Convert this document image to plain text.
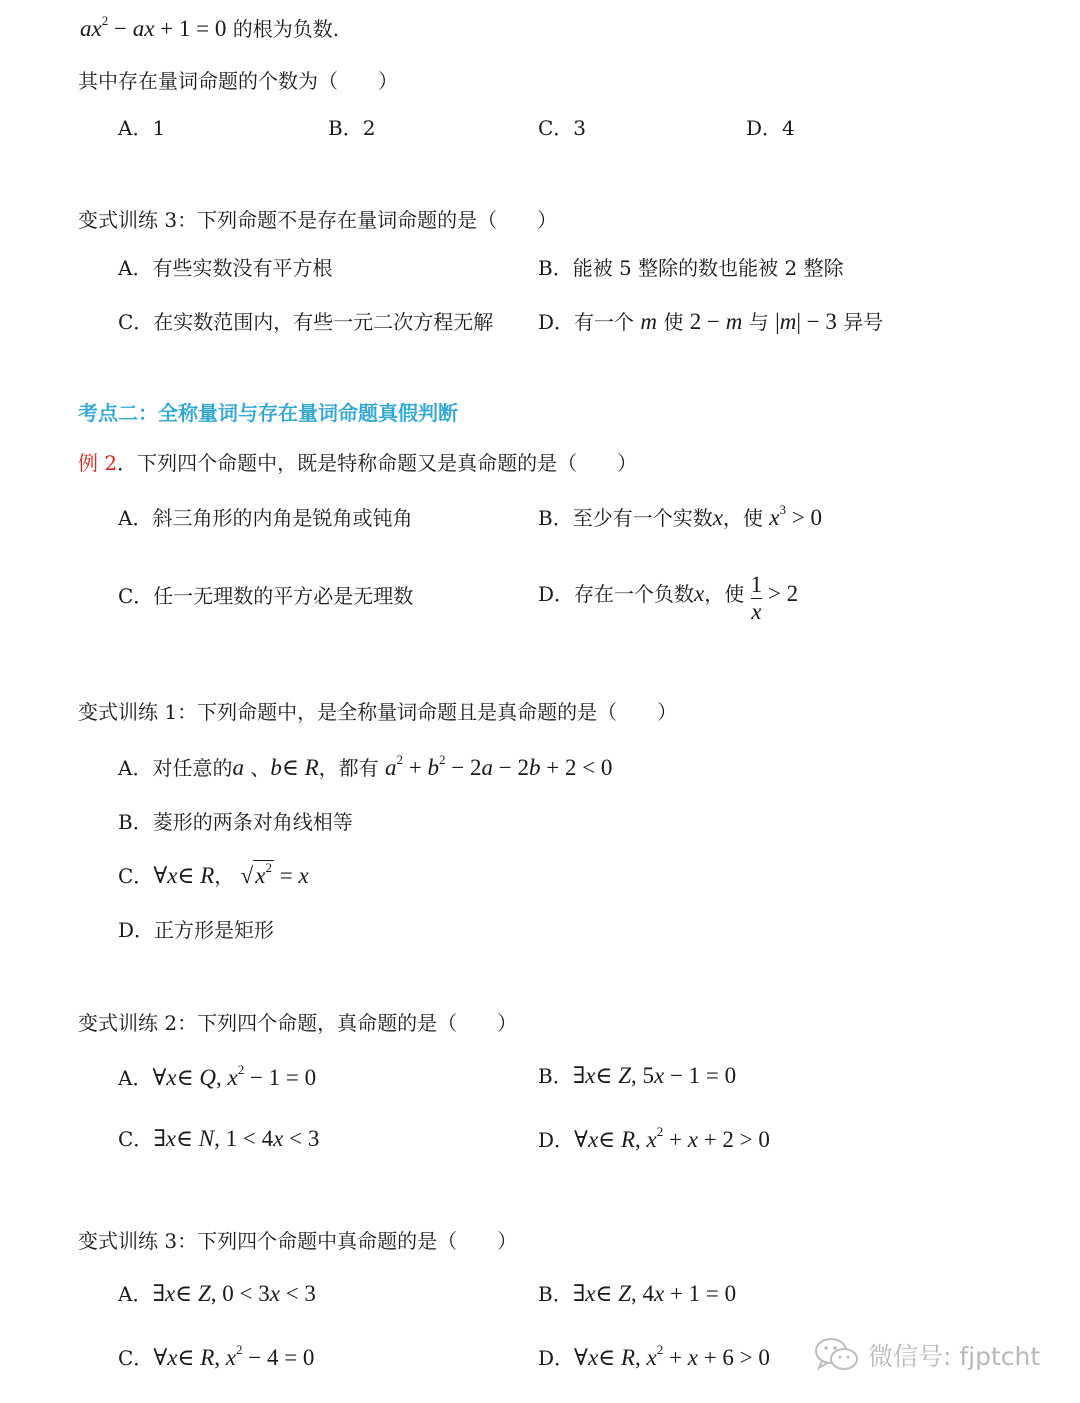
$ax^2$ − ax + 1 = 0 的根为负数.
其中存在量词命题的个数为（　　）
A．1	B．2	C．3	D．4
变式训练 3：下列命题不是存在量词命题的是（　　）
A．有些实数没有平方根	B．能被 5 整除的数也能被 2 整除
C．在实数范围内，有些一元二次方程无解 D．有一个 m 使 2 − m 与 |m| − 3 异号
考点二：全称量词与存在量词命题真假判断
例 2．下列四个命题中，既是特称命题又是真命题的是（　　）
A．斜三角形的内角是锐角或钝角	B．至少有一个实数x，使 $x^3 > 0$
C．任一无理数的平方必是无理数	D．存在一个负数x，使 $\frac{1}{x} > 2$
变式训练 1：下列命题中，是全称量词命题且是真命题的是（　　）
A．对任意的a 、b∈ R，都有 $a^2 + b^2 - 2a - 2b + 2 < 0$
B．菱形的两条对角线相等
C．∀x∈ R， $√x^2 = x$
D．正方形是矩形
变式训练 2：下列四个命题，真命题的是（　　）
A．∀x∈ Q, $x^2 - 1 = 0$	B．∃x∈ Z, 5x − 1 = 0
C．∃x∈ N, 1 < 4x < 3	D．∀x∈ R, $x^2 + x + 2 > 0$
变式训练 3：下列四个命题中真命题的是（　　）
A．∃x∈ Z, 0 < 3x < 3	B．∃x∈ Z, 4x + 1 = 0
C．∀x∈ R, $x^2 - 4 = 0$	D．∀x∈ R, $x^2 + x + 6 > 0$	微信号: fjptcht
